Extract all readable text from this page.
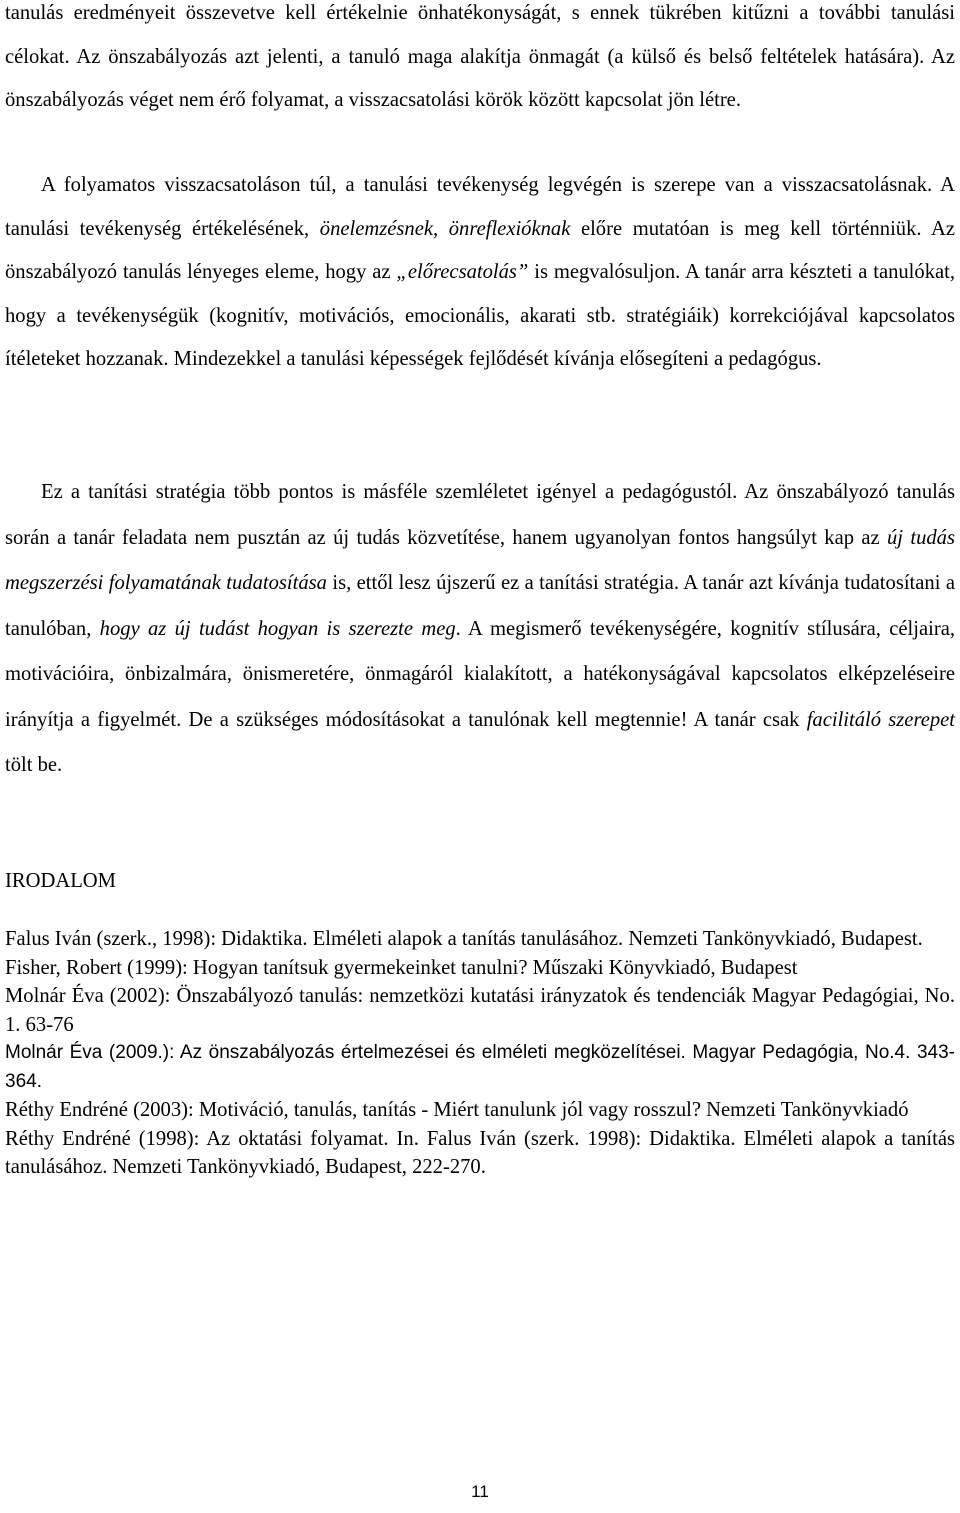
tanulás eredményeit összevetve kell értékelnie önhatékonyságát, s ennek tükrében kitűzni a további tanulási célokat. Az önszabályozás azt jelenti, a tanuló maga alakítja önmagát (a külső és belső feltételek hatására). Az önszabályozás véget nem érő folyamat, a visszacsatolási körök között kapcsolat jön létre.

A folyamatos visszacsatoláson túl, a tanulási tevékenység legvégén is szerepe van a visszacsatolásnak. A tanulási tevékenység értékelésének, önelemzésnek, önreflexióknak előre mutatóan is meg kell történniük. Az önszabályozó tanulás lényeges eleme, hogy az „előrecsatolás” is megvalósuljon. A tanár arra készteti a tanulókat, hogy a tevékenységük (kognitív, motivációs, emocionális, akarati stb. stratégiáik) korrekciójával kapcsolatos ítéleteket hozzanak. Mindezekkel a tanulási képességek fejlődését kívánja elősegíteni a pedagógus.

Ez a tanítási stratégia több pontos is másféle szemléletet igényel a pedagógustól. Az önszabályozó tanulás során a tanár feladata nem pusztán az új tudás közvetítése, hanem ugyanolyan fontos hangsúlyt kap az új tudás megszerzési folyamatának tudatosítása is, ettől lesz újszerű ez a tanítási stratégia. A tanár azt kívánja tudatosítani a tanulóban, hogy az új tudást hogyan is szerezte meg. A megismerő tevékenységére, kognitív stílusára, céljaira, motivációira, önbizalmára, önismeretére, önmagáról kialakított, a hatékonyságával kapcsolatos elképzeléseire irányítja a figyelmét. De a szükséges módosításokat a tanulónak kell megtennie! A tanár csak facilitáló szerepet tölt be.

IRODALOM
Falus Iván (szerk., 1998): Didaktika. Elméleti alapok a tanítás tanulásához. Nemzeti Tankönyvkiadó, Budapest.
Fisher, Robert (1999): Hogyan tanítsuk gyermekeinket tanulni? Műszaki Könyvkiadó, Budapest
Molnár Éva (2002): Önszabályozó tanulás: nemzetközi kutatási irányzatok és tendenciák Magyar Pedagógiai, No. 1. 63-76
Molnár Éva (2009.): Az önszabályozás értelmezései és elméleti megközelítései. Magyar Pedagógia, No.4. 343-364.
Réthy Endréné (2003): Motiváció, tanulás, tanítás - Miért tanulunk jól vagy rosszul? Nemzeti Tankönyvkiadó
Réthy Endréné (1998): Az oktatási folyamat. In. Falus Iván (szerk. 1998): Didaktika. Elméleti alapok a tanítás tanulásához. Nemzeti Tankönyvkiadó, Budapest, 222-270.
11
